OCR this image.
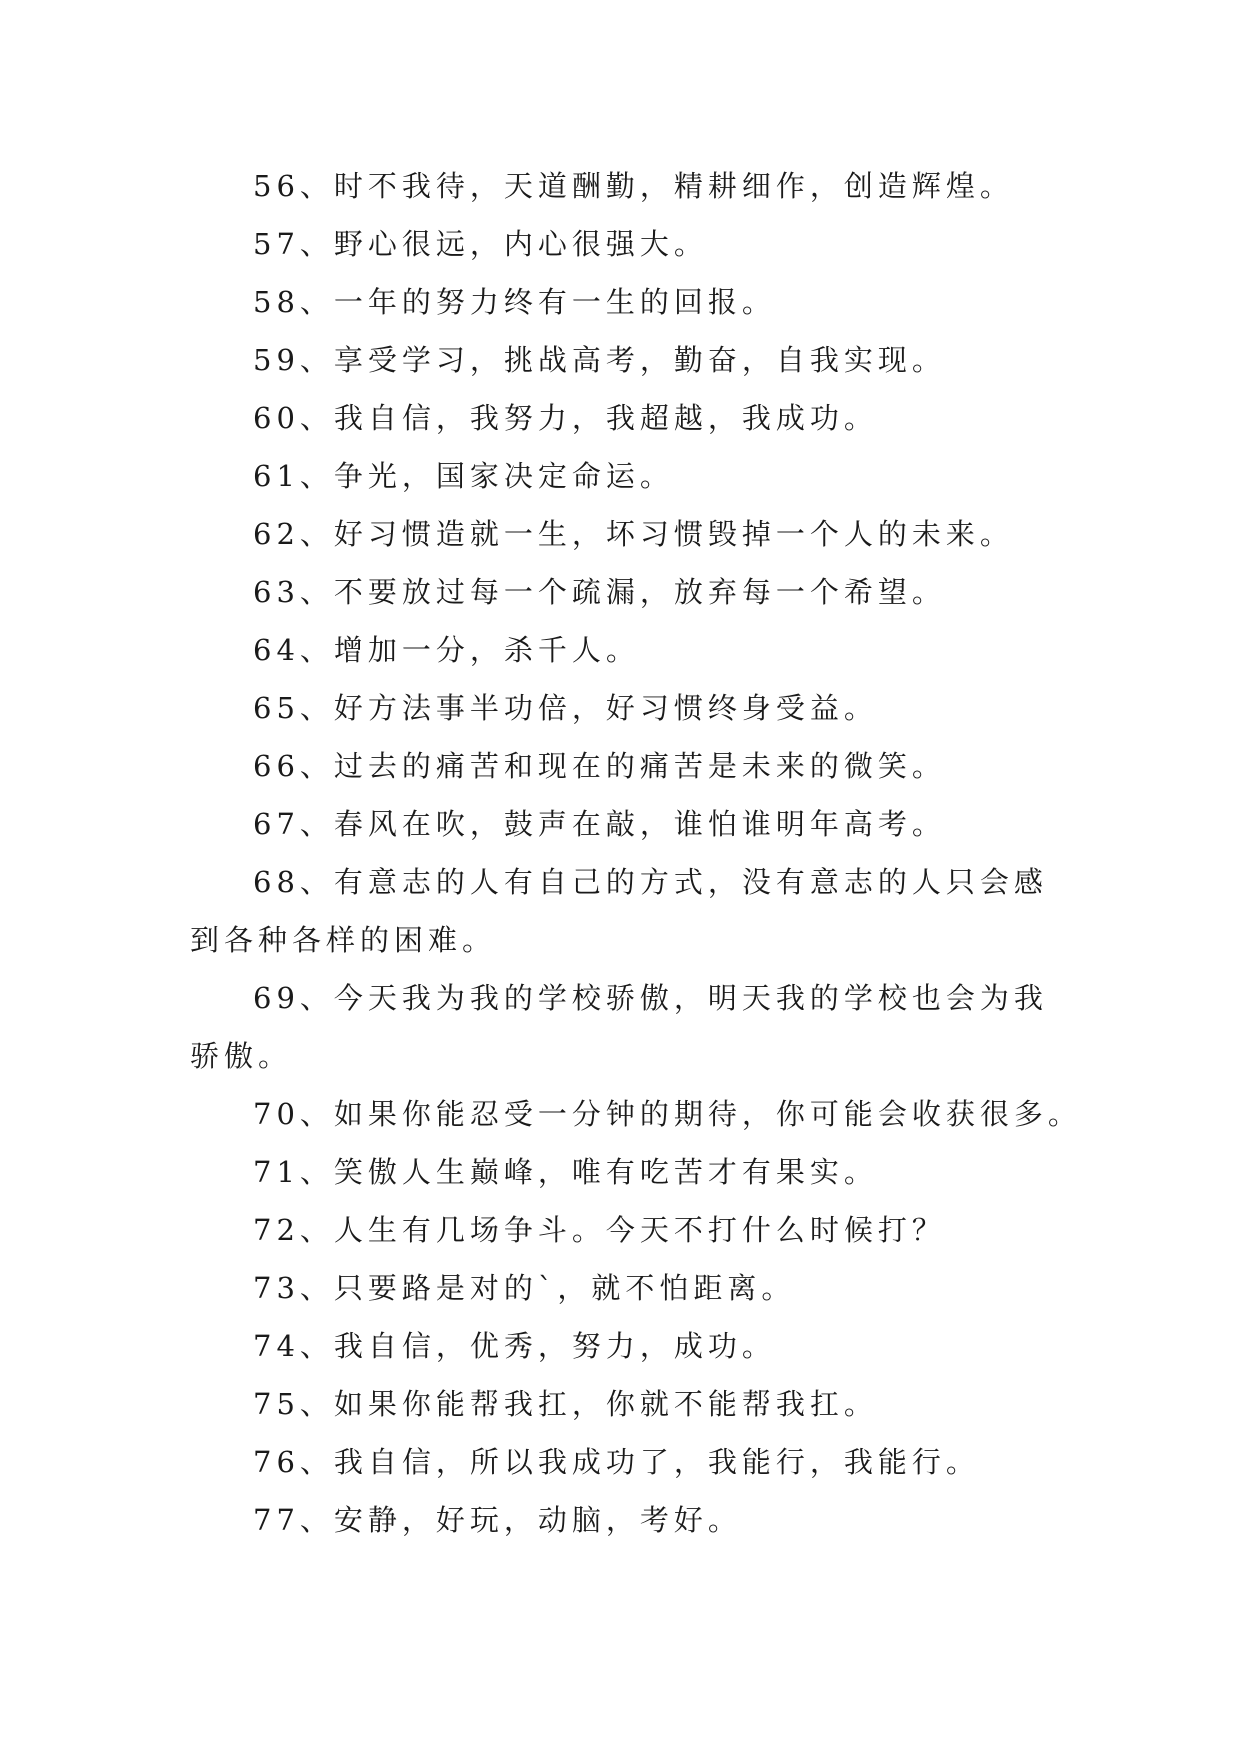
56、时不我待，天道酬勤，精耕细作，创造辉煌。

57、野心很远，内心很强大。

58、一年的努力终有一生的回报。

59、享受学习，挑战高考，勤奋，自我实现。

60、我自信，我努力，我超越，我成功。

61、争光，国家决定命运。

62、好习惯造就一生，坏习惯毁掉一个人的未来。

63、不要放过每一个疏漏，放弃每一个希望。

64、增加一分，杀千人。

65、好方法事半功倍，好习惯终身受益。

66、过去的痛苦和现在的痛苦是未来的微笑。

67、春风在吹，鼓声在敲，谁怕谁明年高考。

68、有意志的人有自己的方式，没有意志的人只会感到各种各样的困难。

69、今天我为我的学校骄傲，明天我的学校也会为我骄傲。

70、如果你能忍受一分钟的期待，你可能会收获很多。

71、笑傲人生巅峰，唯有吃苦才有果实。

72、人生有几场争斗。今天不打什么时候打？

73、只要路是对的`，就不怕距离。

74、我自信，优秀，努力，成功。

75、如果你能帮我扛，你就不能帮我扛。

76、我自信，所以我成功了，我能行，我能行。

77、安静，好玩，动脑，考好。
